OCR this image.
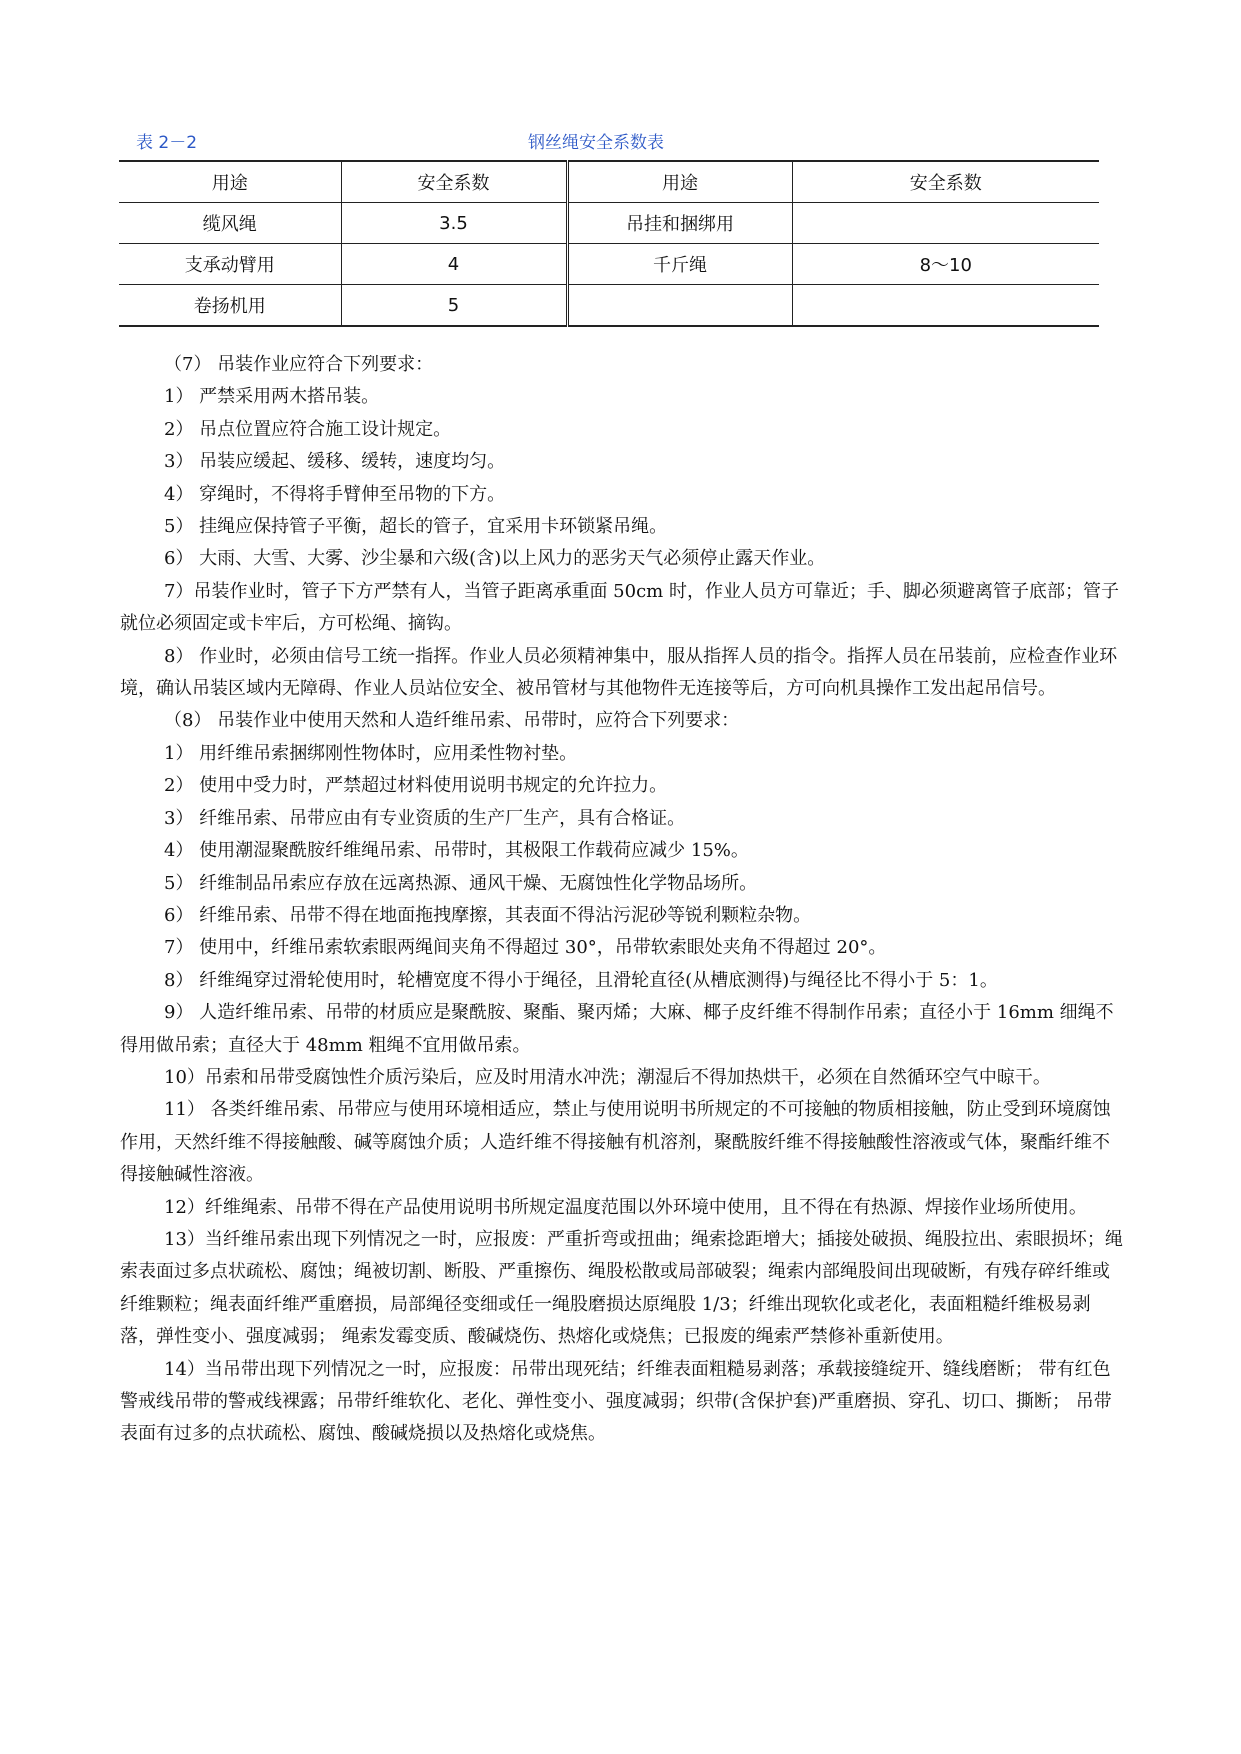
表 2－2	钢丝绳安全系数表
用途	安全系数	用途	安全系数
缆风绳	3.5	吊挂和捆绑用	
支承动臂用	4	千斤绳	8～10
卷扬机用	5		

（7） 吊装作业应符合下列要求：

1） 严禁采用两木搭吊装。

2） 吊点位置应符合施工设计规定。

3） 吊装应缓起、缓移、缓转，速度均匀。

4） 穿绳时，不得将手臂伸至吊物的下方。

5） 挂绳应保持管子平衡，超长的管子，宜采用卡环锁紧吊绳。

6） 大雨、大雪、大雾、沙尘暴和六级(含)以上风力的恶劣天气必须停止露天作业。

7）吊装作业时，管子下方严禁有人，当管子距离承重面 50cm 时，作业人员方可靠近；手、脚必须避离管子底部；管子就位必须固定或卡牢后，方可松绳、摘钩。

8） 作业时，必须由信号工统一指挥。作业人员必须精神集中，服从指挥人员的指令。指挥人员在吊装前，应检查作业环境，确认吊装区域内无障碍、作业人员站位安全、被吊管材与其他物件无连接等后，方可向机具操作工发出起吊信号。

（8） 吊装作业中使用天然和人造纤维吊索、吊带时，应符合下列要求：

1） 用纤维吊索捆绑刚性物体时，应用柔性物衬垫。

2） 使用中受力时，严禁超过材料使用说明书规定的允许拉力。

3） 纤维吊索、吊带应由有专业资质的生产厂生产，具有合格证。

4） 使用潮湿聚酰胺纤维绳吊索、吊带时，其极限工作载荷应减少 15%。

5） 纤维制品吊索应存放在远离热源、通风干燥、无腐蚀性化学物品场所。

6） 纤维吊索、吊带不得在地面拖拽摩擦，其表面不得沾污泥砂等锐利颗粒杂物。

7） 使用中，纤维吊索软索眼两绳间夹角不得超过 30°，吊带软索眼处夹角不得超过 20°。

8） 纤维绳穿过滑轮使用时，轮槽宽度不得小于绳径，且滑轮直径(从槽底测得)与绳径比不得小于 5：1。

9） 人造纤维吊索、吊带的材质应是聚酰胺、聚酯、聚丙烯；大麻、椰子皮纤维不得制作吊索；直径小于 16mm 细绳不得用做吊索；直径大于 48mm 粗绳不宜用做吊索。

10）吊索和吊带受腐蚀性介质污染后，应及时用清水冲洗；潮湿后不得加热烘干，必须在自然循环空气中晾干。

11） 各类纤维吊索、吊带应与使用环境相适应，禁止与使用说明书所规定的不可接触的物质相接触，防止受到环境腐蚀作用，天然纤维不得接触酸、碱等腐蚀介质；人造纤维不得接触有机溶剂，聚酰胺纤维不得接触酸性溶液或气体，聚酯纤维不得接触碱性溶液。

12）纤维绳索、吊带不得在产品使用说明书所规定温度范围以外环境中使用，且不得在有热源、焊接作业场所使用。

13）当纤维吊索出现下列情况之一时，应报废：严重折弯或扭曲；绳索捻距增大；插接处破损、绳股拉出、索眼损坏；绳索表面过多点状疏松、腐蚀；绳被切割、断股、严重擦伤、绳股松散或局部破裂；绳索内部绳股间出现破断，有残存碎纤维或纤维颗粒；绳表面纤维严重磨损，局部绳径变细或任一绳股磨损达原绳股 1/3；纤维出现软化或老化，表面粗糙纤维极易剥落，弹性变小、强度减弱； 绳索发霉变质、酸碱烧伤、热熔化或烧焦；已报废的绳索严禁修补重新使用。

14）当吊带出现下列情况之一时，应报废：吊带出现死结；纤维表面粗糙易剥落；承载接缝绽开、缝线磨断； 带有红色警戒线吊带的警戒线裸露；吊带纤维软化、老化、弹性变小、强度减弱；织带(含保护套)严重磨损、穿孔、切口、撕断； 吊带表面有过多的点状疏松、腐蚀、酸碱烧损以及热熔化或烧焦。
